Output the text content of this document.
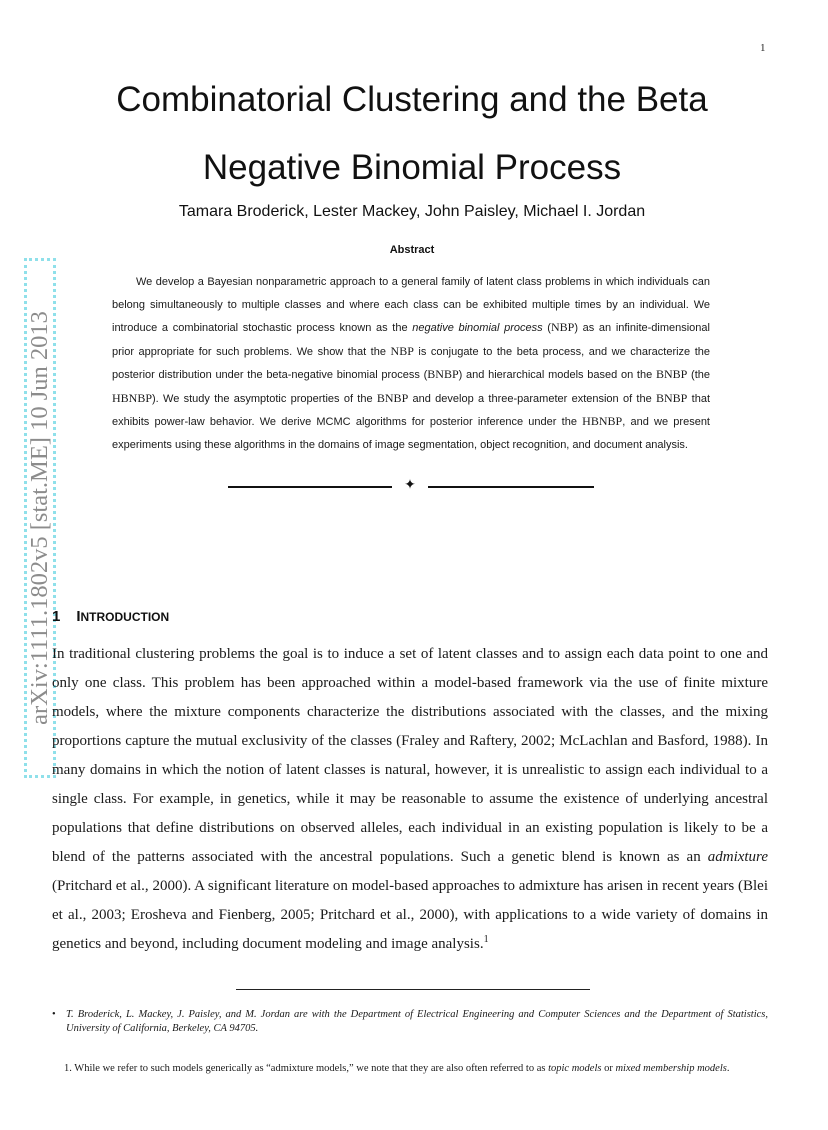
1
Combinatorial Clustering and the Beta Negative Binomial Process
Tamara Broderick, Lester Mackey, John Paisley, Michael I. Jordan
Abstract

We develop a Bayesian nonparametric approach to a general family of latent class problems in which individuals can belong simultaneously to multiple classes and where each class can be exhibited multiple times by an individual. We introduce a combinatorial stochastic process known as the negative binomial process (NBP) as an infinite-dimensional prior appropriate for such problems. We show that the NBP is conjugate to the beta process, and we characterize the posterior distribution under the beta-negative binomial process (BNBP) and hierarchical models based on the BNBP (the HBNBP). We study the asymptotic properties of the BNBP and develop a three-parameter extension of the BNBP that exhibits power-law behavior. We derive MCMC algorithms for posterior inference under the HBNBP, and we present experiments using these algorithms in the domains of image segmentation, object recognition, and document analysis.

✦
arXiv:1111.1802v5 [stat.ME] 10 Jun 2013 1 INTRODUCTION

In traditional clustering problems the goal is to induce a set of latent classes and to assign each data point to one and only one class. This problem has been approached within a model-based framework via the use of finite mixture models, where the mixture components characterize the distributions associated with the classes, and the mixing proportions capture the mutual exclusivity of the classes (Fraley and Raftery, 2002; McLachlan and Basford, 1988). In many domains in which the notion of latent classes is natural, however, it is unrealistic to assign each individual to a single class. For example, in genetics, while it may be reasonable to assume the existence of underlying ancestral populations that define distributions on observed alleles, each individual in an existing population is likely to be a blend of the patterns associated with the ancestral populations. Such a genetic blend is known as an admixture (Pritchard et al., 2000). A significant literature on model-based approaches to admixture has arisen in recent years (Blei et al., 2003; Erosheva and Fienberg, 2005; Pritchard et al., 2000), with applications to a wide variety of domains in genetics and beyond, including document modeling and image analysis.$^1$

• T. Broderick, L. Mackey, J. Paisley, and M. Jordan are with the Department of Electrical Engineering and Computer Sciences and the Department of Statistics, University of California, Berkeley, CA 94705.

1. While we refer to such models generically as “admixture models,” we note that they are also often referred to as topic models or mixed membership models.
